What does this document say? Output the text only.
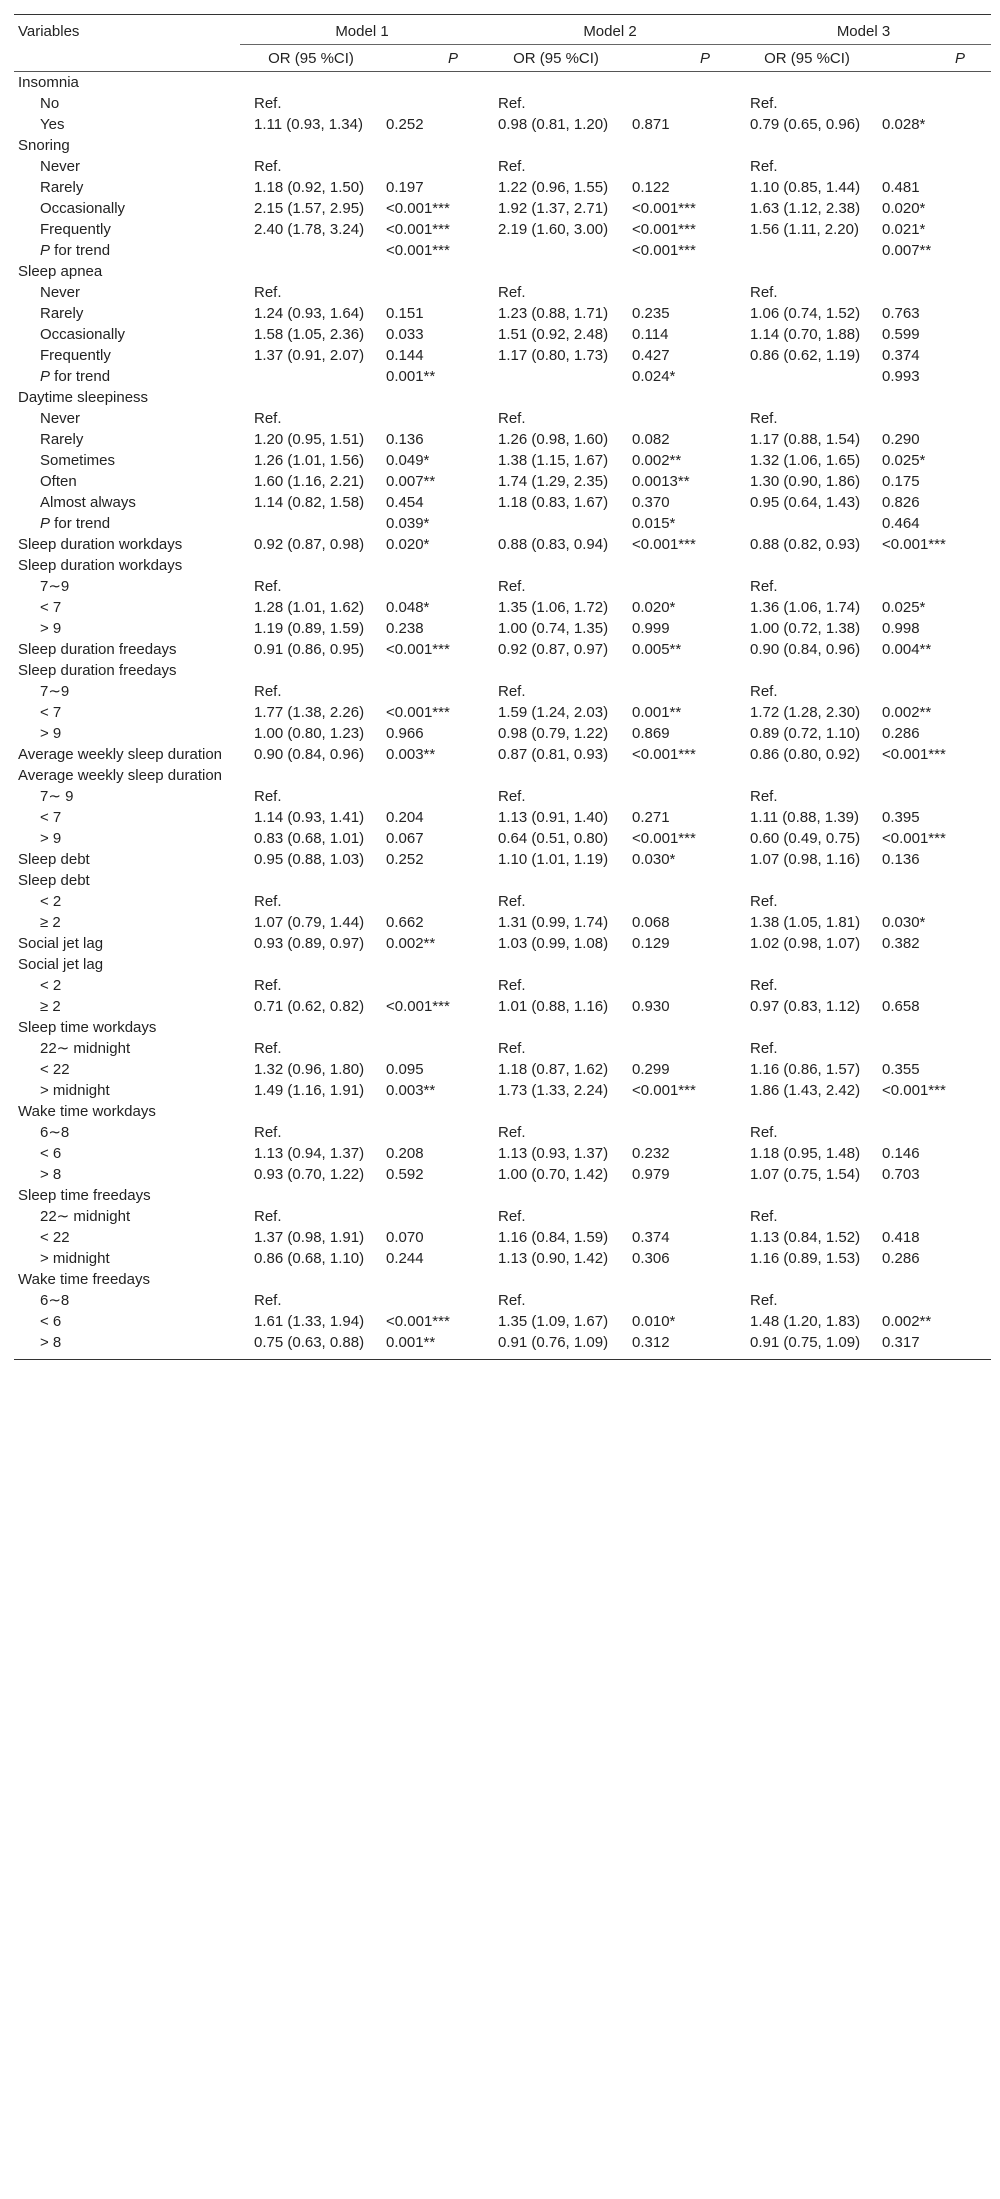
Variables	Model 1		Model 2		Model 3	
	OR (95 %CI)	P	OR (95 %CI)	P	OR (95 %CI)	P
Insomnia						
No	Ref.		Ref.		Ref.	
Yes	1.11 (0.93, 1.34)	0.252	0.98 (0.81, 1.20)	0.871	0.79 (0.65, 0.96)	0.028*
Snoring						
Never	Ref.		Ref.		Ref.	
Rarely	1.18 (0.92, 1.50)	0.197	1.22 (0.96, 1.55)	0.122	1.10 (0.85, 1.44)	0.481
Occasionally	2.15 (1.57, 2.95)	<0.001***	1.92 (1.37, 2.71)	<0.001***	1.63 (1.12, 2.38)	0.020*
Frequently	2.40 (1.78, 3.24)	<0.001***	2.19 (1.60, 3.00)	<0.001***	1.56 (1.11, 2.20)	0.021*
P for trend		<0.001***		<0.001***		0.007**
Sleep apnea						
Never	Ref.		Ref.		Ref.	
Rarely	1.24 (0.93, 1.64)	0.151	1.23 (0.88, 1.71)	0.235	1.06 (0.74, 1.52)	0.763
Occasionally	1.58 (1.05, 2.36)	0.033	1.51 (0.92, 2.48)	0.114	1.14 (0.70, 1.88)	0.599
Frequently	1.37 (0.91, 2.07)	0.144	1.17 (0.80, 1.73)	0.427	0.86 (0.62, 1.19)	0.374
P for trend		0.001**		0.024*		0.993
Daytime sleepiness						
Never	Ref.		Ref.		Ref.	
Rarely	1.20 (0.95, 1.51)	0.136	1.26 (0.98, 1.60)	0.082	1.17 (0.88, 1.54)	0.290
Sometimes	1.26 (1.01, 1.56)	0.049*	1.38 (1.15, 1.67)	0.002**	1.32 (1.06, 1.65)	0.025*
Often	1.60 (1.16, 2.21)	0.007**	1.74 (1.29, 2.35)	0.0013**	1.30 (0.90, 1.86)	0.175
Almost always	1.14 (0.82, 1.58)	0.454	1.18 (0.83, 1.67)	0.370	0.95 (0.64, 1.43)	0.826
P for trend		0.039*		0.015*		0.464
Sleep duration workdays	0.92 (0.87, 0.98)	0.020*	0.88 (0.83, 0.94)	<0.001***	0.88 (0.82, 0.93)	<0.001***
Sleep duration workdays						
7∼9	Ref.		Ref.		Ref.	
< 7	1.28 (1.01, 1.62)	0.048*	1.35 (1.06, 1.72)	0.020*	1.36 (1.06, 1.74)	0.025*
> 9	1.19 (0.89, 1.59)	0.238	1.00 (0.74, 1.35)	0.999	1.00 (0.72, 1.38)	0.998
Sleep duration freedays	0.91 (0.86, 0.95)	<0.001***	0.92 (0.87, 0.97)	0.005**	0.90 (0.84, 0.96)	0.004**
Sleep duration freedays						
7∼9	Ref.		Ref.		Ref.	
< 7	1.77 (1.38, 2.26)	<0.001***	1.59 (1.24, 2.03)	0.001**	1.72 (1.28, 2.30)	0.002**
> 9	1.00 (0.80, 1.23)	0.966	0.98 (0.79, 1.22)	0.869	0.89 (0.72, 1.10)	0.286
Average weekly sleep duration	0.90 (0.84, 0.96)	0.003**	0.87 (0.81, 0.93)	<0.001***	0.86 (0.80, 0.92)	<0.001***
Average weekly sleep duration						
7∼ 9	Ref.		Ref.		Ref.	
< 7	1.14 (0.93, 1.41)	0.204	1.13 (0.91, 1.40)	0.271	1.11 (0.88, 1.39)	0.395
> 9	0.83 (0.68, 1.01)	0.067	0.64 (0.51, 0.80)	<0.001***	0.60 (0.49, 0.75)	<0.001***
Sleep debt	0.95 (0.88, 1.03)	0.252	1.10 (1.01, 1.19)	0.030*	1.07 (0.98, 1.16)	0.136
Sleep debt						
< 2	Ref.		Ref.		Ref.	
≥ 2	1.07 (0.79, 1.44)	0.662	1.31 (0.99, 1.74)	0.068	1.38 (1.05, 1.81)	0.030*
Social jet lag	0.93 (0.89, 0.97)	0.002**	1.03 (0.99, 1.08)	0.129	1.02 (0.98, 1.07)	0.382
Social jet lag						
< 2	Ref.		Ref.		Ref.	
≥ 2	0.71 (0.62, 0.82)	<0.001***	1.01 (0.88, 1.16)	0.930	0.97 (0.83, 1.12)	0.658
Sleep time workdays						
22∼ midnight	Ref.		Ref.		Ref.	
< 22	1.32 (0.96, 1.80)	0.095	1.18 (0.87, 1.62)	0.299	1.16 (0.86, 1.57)	0.355
> midnight	1.49 (1.16, 1.91)	0.003**	1.73 (1.33, 2.24)	<0.001***	1.86 (1.43, 2.42)	<0.001***
Wake time workdays						
6∼8	Ref.		Ref.		Ref.	
< 6	1.13 (0.94, 1.37)	0.208	1.13 (0.93, 1.37)	0.232	1.18 (0.95, 1.48)	0.146
> 8	0.93 (0.70, 1.22)	0.592	1.00 (0.70, 1.42)	0.979	1.07 (0.75, 1.54)	0.703
Sleep time freedays						
22∼ midnight	Ref.		Ref.		Ref.	
< 22	1.37 (0.98, 1.91)	0.070	1.16 (0.84, 1.59)	0.374	1.13 (0.84, 1.52)	0.418
> midnight	0.86 (0.68, 1.10)	0.244	1.13 (0.90, 1.42)	0.306	1.16 (0.89, 1.53)	0.286
Wake time freedays						
6∼8	Ref.		Ref.		Ref.	
< 6	1.61 (1.33, 1.94)	<0.001***	1.35 (1.09, 1.67)	0.010*	1.48 (1.20, 1.83)	0.002**
> 8	0.75 (0.63, 0.88)	0.001**	0.91 (0.76, 1.09)	0.312	0.91 (0.75, 1.09)	0.317
